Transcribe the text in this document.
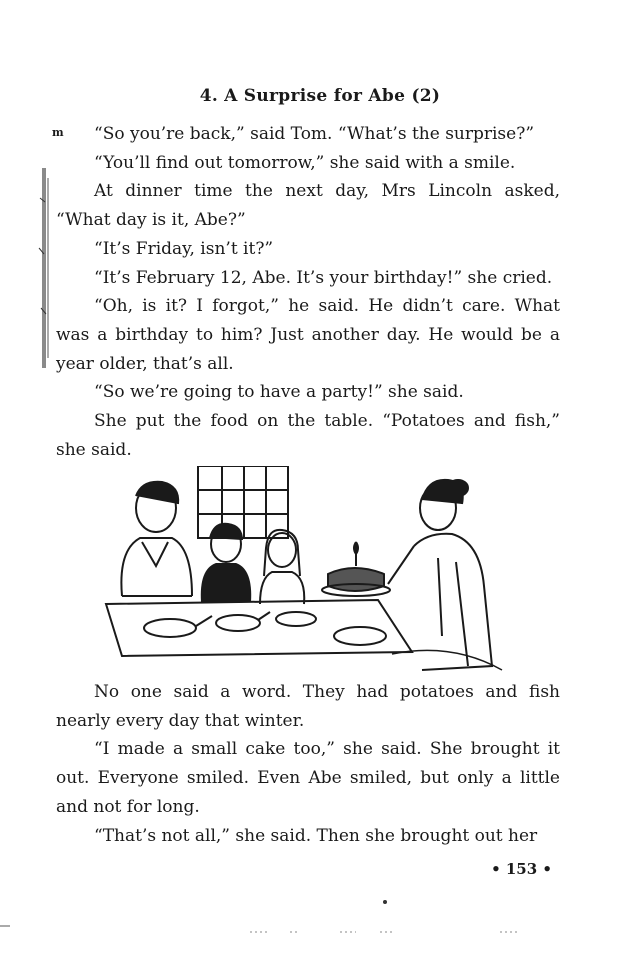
4. A Surprise for Abe (2)
m	“So you’re back,” said Tom. “What’s the surprise?”

“You’ll find out tomorrow,” she said with a smile.

At dinner time the next day, Mrs Lincoln asked, “What day is it, Abe?”

“It’s Friday, isn’t it?”

“It’s February 12, Abe. It’s your birthday!” she cried.

“Oh, is it? I forgot,” he said. He didn’t care. What was a birthday to him? Just another day. He would be a year older, that’s all.

“So we’re going to have a party!” she said.

She put the food on the table. “Potatoes and fish,” she said.

No one said a word. They had potatoes and fish nearly every day that winter.

“I made a small cake too,” she said. She brought it out. Everyone smiled. Even Abe smiled, but only a little and not for long.

“That’s not all,” she said. Then she brought out her

• 153 •
